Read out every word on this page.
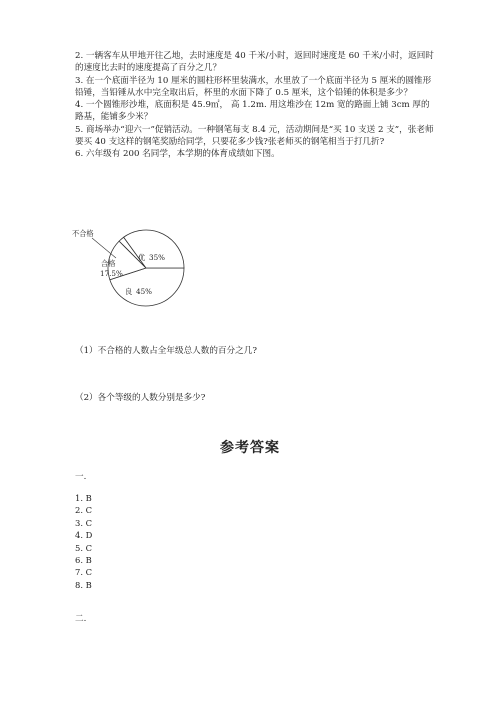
2. 一辆客车从甲地开往乙地，去时速度是 40 千米/小时，返回时速度是 60 千米/小时，返回时的速度比去时的速度提高了百分之几？

3. 在一个底面半径为 10 厘米的圆柱形杯里装满水，水里放了一个底面半径为 5 厘米的圆锥形铅锤，当铅锤从水中完全取出后，杯里的水面下降了 0.5 厘米，这个铅锤的体积是多少？

4. 一个圆锥形沙堆，底面积是 45.9㎡， 高 1.2m. 用这堆沙在 12m 宽的路面上铺 3cm 厚的路基，能铺多少米？

5. 商场举办“迎六一”促销活动。一种钢笔每支 8.4 元，活动期间是“买 10 支送 2 支”，张老师要买 40 支这样的钢笔奖励给同学，只要花多少钱?张老师买的钢笔相当于打几折?

6. 六年级有 200 名同学，本学期的体育成绩如下图。

不合格
合格
17.5%
优 35%
良 45%
（1）不合格的人数占全年级总人数的百分之几?
（2）各个等级的人数分别是多少?
参考答案
一.
1. B
2. C
3. C
4. D
5. C
6. B
7. C
8. B
二.
